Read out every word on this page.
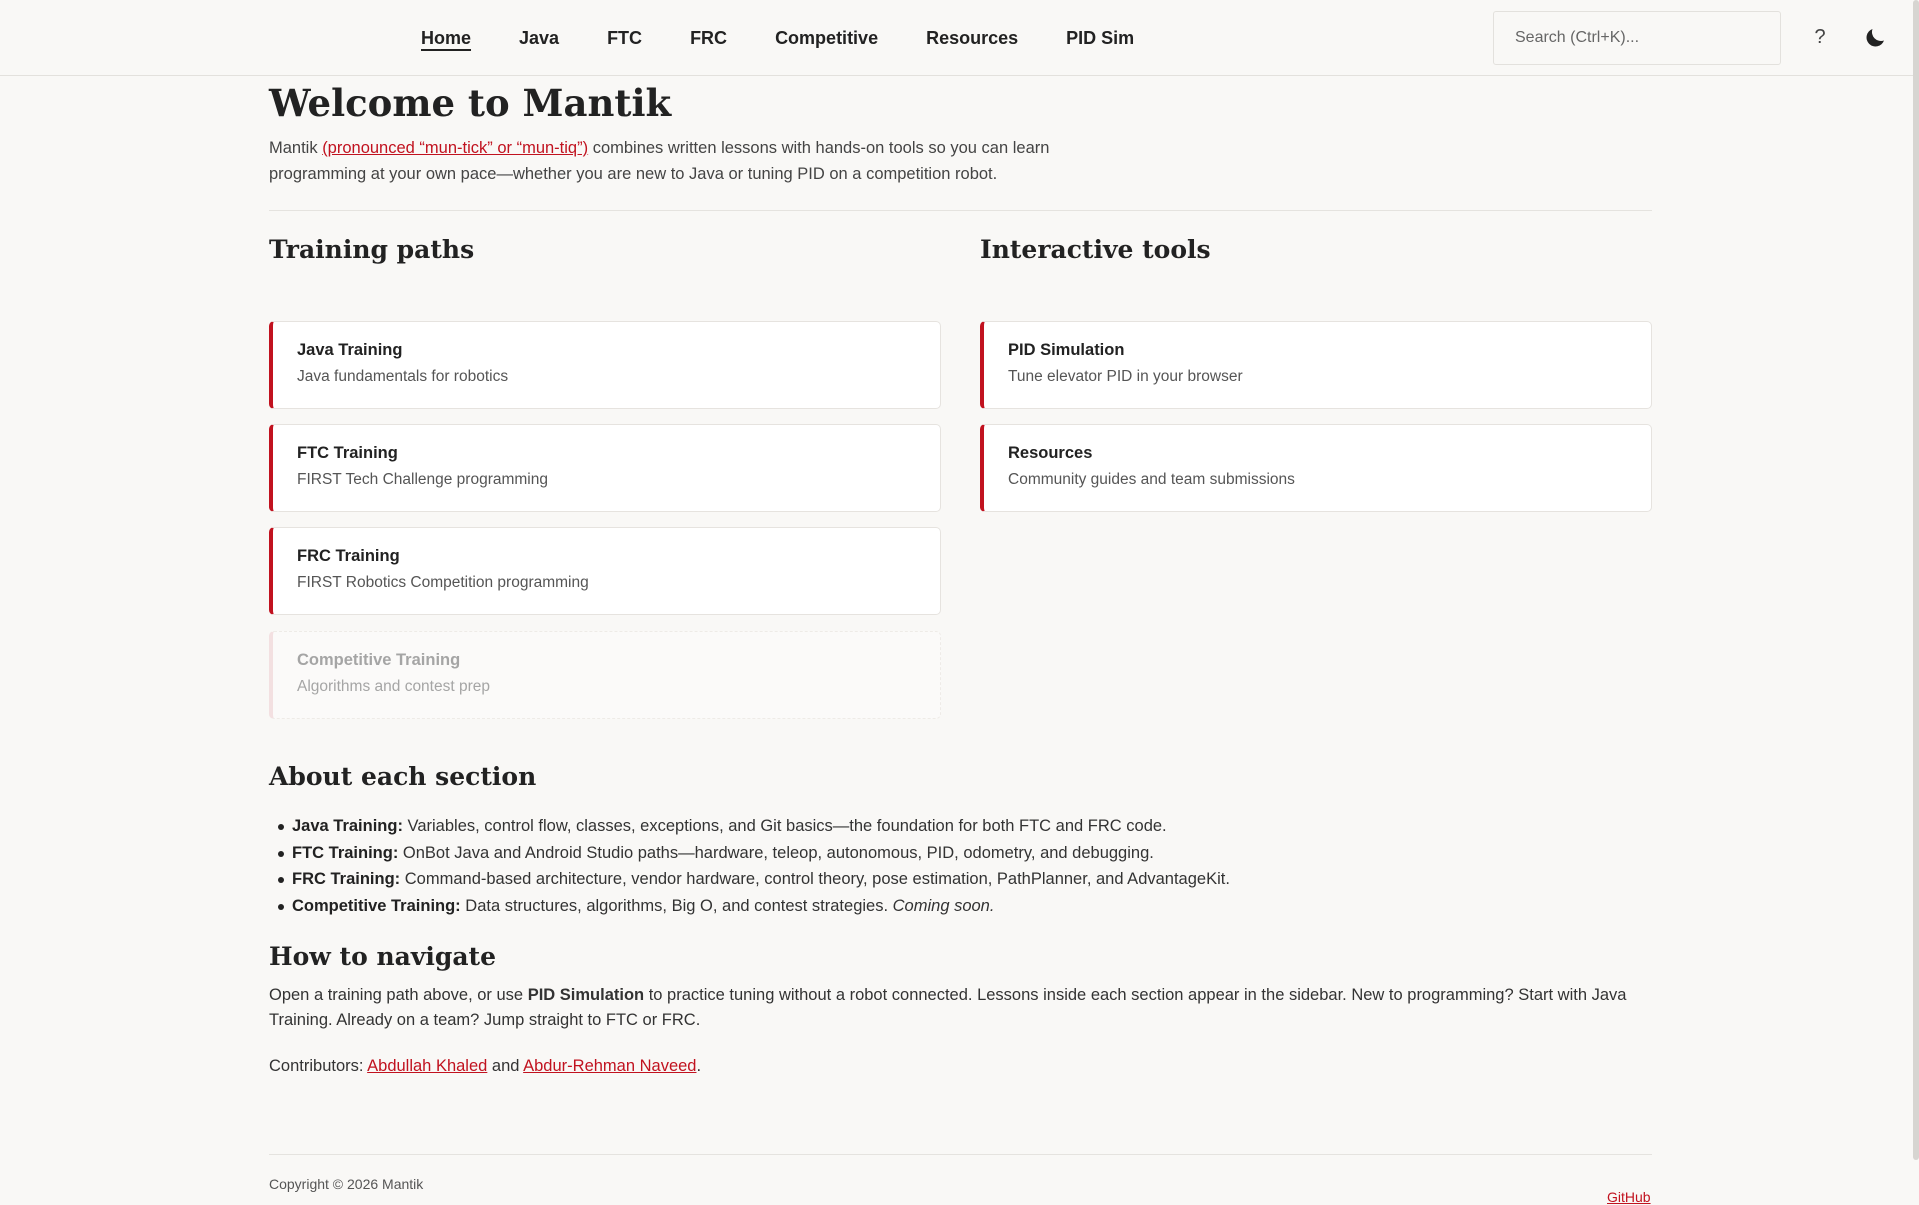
Home	Java	FTC	FRC	Competitive	Resources	PID Sim
Search (Ctrl+K)...	?
Welcome to Mantik

Mantik (pronounced “mun-tick” or “mun-tiq”) combines written lessons with hands-on tools so you can learn programming at your own pace—whether you are new to Java or tuning PID on a competition robot.

Training paths	Interactive tools
Java Training
Java fundamentals for robotics
FTC Training
FIRST Tech Challenge programming
FRC Training
FIRST Robotics Competition programming
Competitive Training
Algorithms and contest prep
PID Simulation
Tune elevator PID in your browser
Resources
Community guides and team submissions
About each section
Java Training: Variables, control flow, classes, exceptions, and Git basics—the foundation for both FTC and FRC code.
FTC Training: OnBot Java and Android Studio paths—hardware, teleop, autonomous, PID, odometry, and debugging.
FRC Training: Command-based architecture, vendor hardware, control theory, pose estimation, PathPlanner, and AdvantageKit.
Competitive Training: Data structures, algorithms, Big O, and contest strategies. Coming soon.
How to navigate

Open a training path above, or use PID Simulation to practice tuning without a robot connected. Lessons inside each section appear in the sidebar. New to programming? Start with Java Training. Already on a team? Jump straight to FTC or FRC.

Contributors: Abdullah Khaled and Abdur-Rehman Naveed.

Copyright © 2026 Mantik
GitHub
